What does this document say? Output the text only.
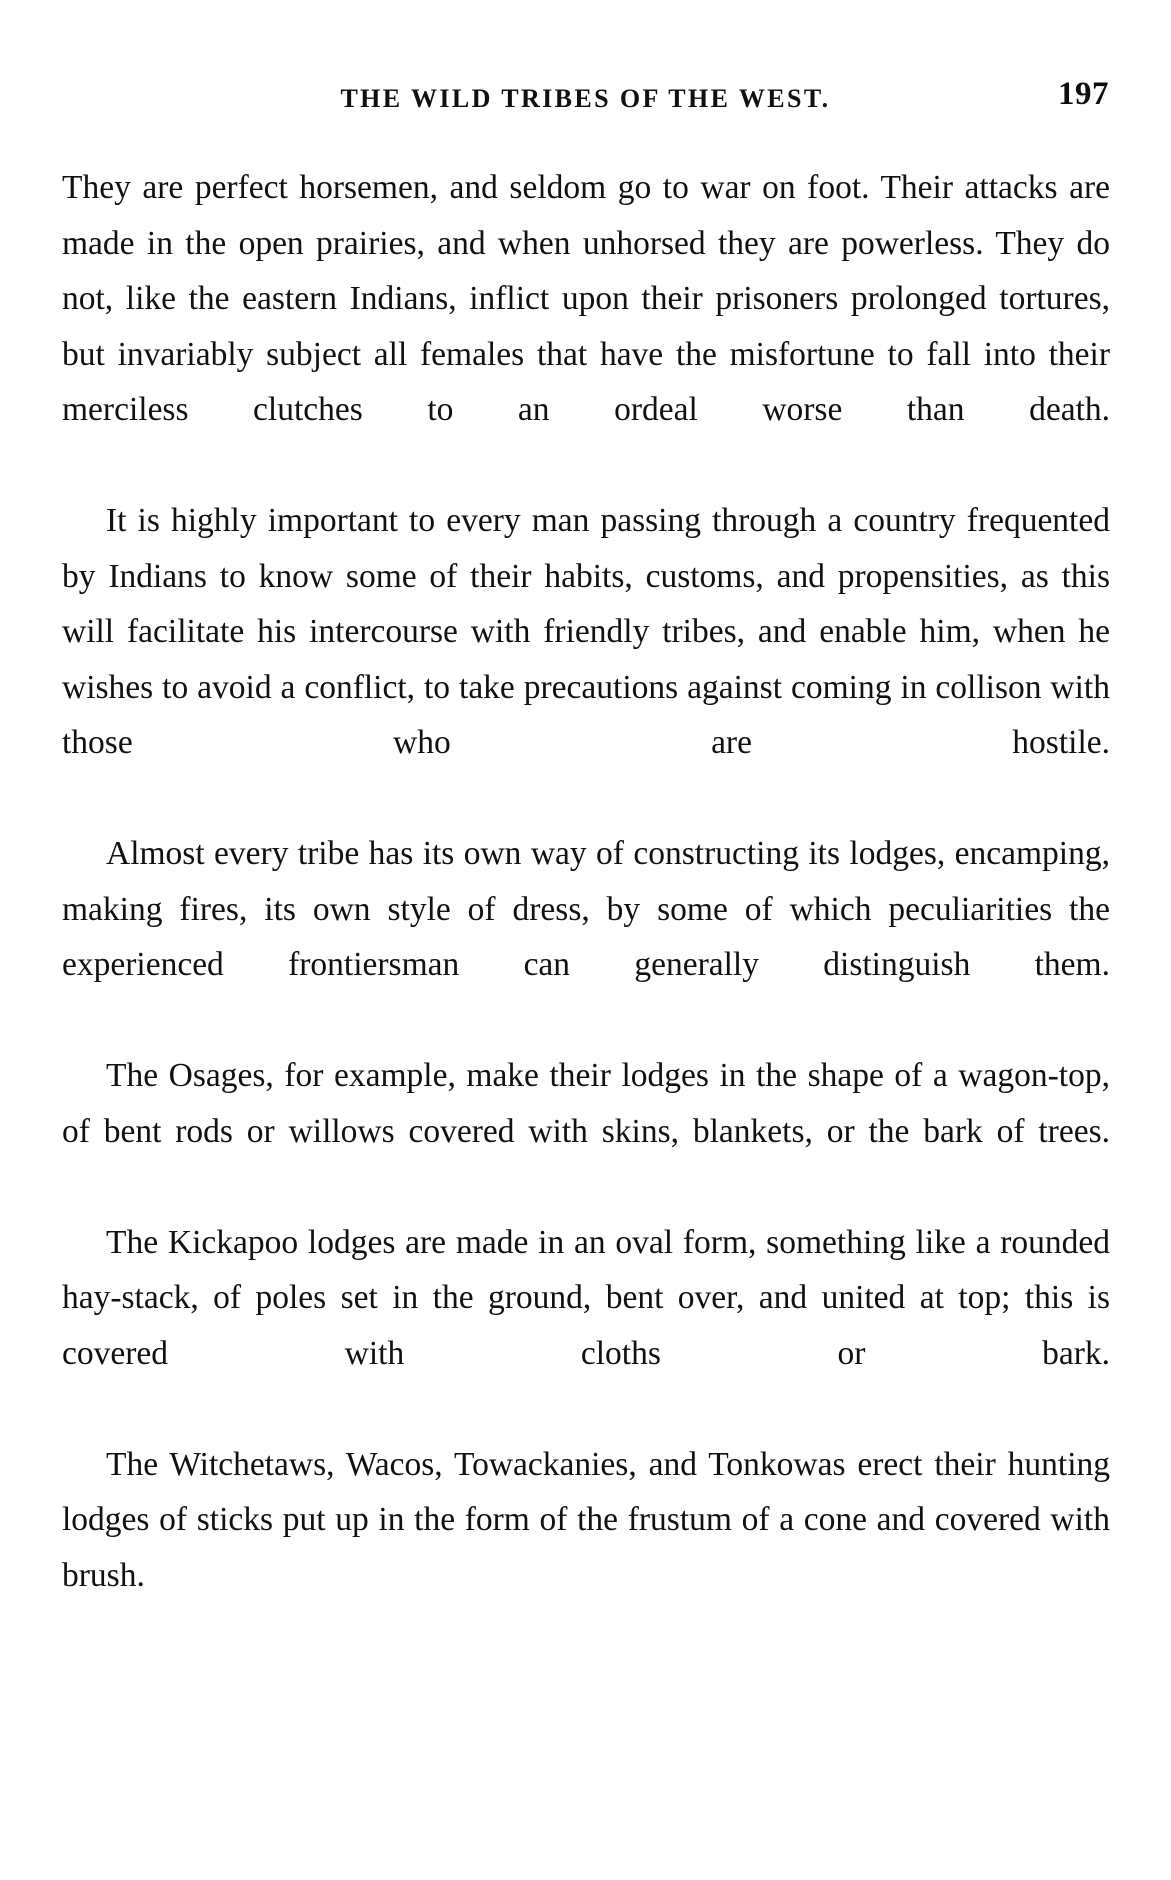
THE WILD TRIBES OF THE WEST.	197

They are perfect horsemen, and seldom go to war on foot. Their attacks are made in the open prairies, and when unhorsed they are powerless. They do not, like the eastern Indians, inflict upon their prisoners prolonged tortures, but invariably subject all females that have the misfortune to fall into their merciless clutches to an ordeal worse than death.

It is highly important to every man passing through a country frequented by Indians to know some of their habits, customs, and propensities, as this will facilitate his intercourse with friendly tribes, and enable him, when he wishes to avoid a conflict, to take precautions against coming in collison with those who are hostile.

Almost every tribe has its own way of constructing its lodges, encamping, making fires, its own style of dress, by some of which peculiarities the experienced frontiersman can generally distinguish them.

The Osages, for example, make their lodges in the shape of a wagon-top, of bent rods or willows covered with skins, blankets, or the bark of trees.

The Kickapoo lodges are made in an oval form, something like a rounded hay-stack, of poles set in the ground, bent over, and united at top; this is covered with cloths or bark.

The Witchetaws, Wacos, Towackanies, and Tonkowas erect their hunting lodges of sticks put up in the form of the frustum of a cone and covered with brush.
